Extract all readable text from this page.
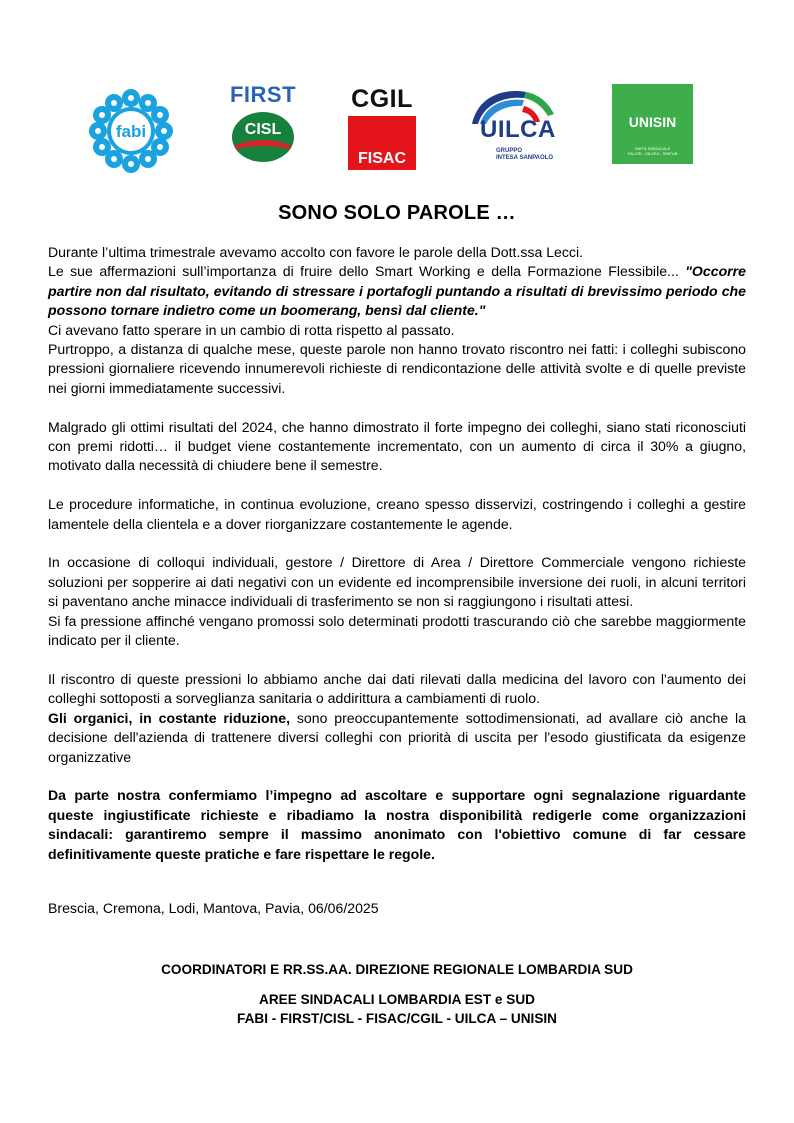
fabi
FIRST
CISL
CGIL
FISAC
UILCA
GRUPPO
INTESA SANPAOLO
UNISIN
UNITÀ SINDACALE
FALCRI - SILCEA - SINFUB
SONO SOLO PAROLE …

Durante l’ultima trimestrale avevamo accolto con favore le parole della Dott.ssa Lecci.

Le sue affermazioni sull’importanza di fruire dello Smart Working e della Formazione Flessibile... "Occorre partire non dal risultato, evitando di stressare i portafogli puntando a risultati di brevissimo periodo che possono tornare indietro come un boomerang, bensì dal cliente."

Ci avevano fatto sperare in un cambio di rotta rispetto al passato.

Purtroppo, a distanza di qualche mese, queste parole non hanno trovato riscontro nei fatti: i colleghi subiscono pressioni giornaliere ricevendo innumerevoli richieste di rendicontazione delle attività svolte e di quelle previste nei giorni immediatamente successivi.

Malgrado gli ottimi risultati del 2024, che hanno dimostrato il forte impegno dei colleghi, siano stati riconosciuti con premi ridotti… il budget viene costantemente incrementato, con un aumento di circa il 30% a giugno, motivato dalla necessità di chiudere bene il semestre.

Le procedure informatiche, in continua evoluzione, creano spesso disservizi, costringendo i colleghi a gestire lamentele della clientela e a dover riorganizzare costantemente le agende.

In occasione di colloqui individuali, gestore / Direttore di Area / Direttore Commerciale vengono richieste soluzioni per sopperire ai dati negativi con un evidente ed incomprensibile inversione dei ruoli, in alcuni territori si paventano anche minacce individuali di trasferimento se non si raggiungono i risultati attesi.

Si fa pressione affinché vengano promossi solo determinati prodotti trascurando ciò che sarebbe maggiormente indicato per il cliente.

Il riscontro di queste pressioni lo abbiamo anche dai dati rilevati dalla medicina del lavoro con l'aumento dei colleghi sottoposti a sorveglianza sanitaria o addirittura a cambiamenti di ruolo.

Gli organici, in costante riduzione, sono preoccupantemente sottodimensionati, ad avallare ciò anche la decisione dell'azienda di trattenere diversi colleghi con priorità di uscita per l'esodo giustificata da esigenze organizzative

Da parte nostra confermiamo l’impegno ad ascoltare e supportare ogni segnalazione riguardante queste ingiustificate richieste e ribadiamo la nostra disponibilità redigerle come organizzazioni sindacali: garantiremo sempre il massimo anonimato con l'obiettivo comune di far cessare definitivamente queste pratiche e fare rispettare le regole.

Brescia, Cremona, Lodi, Mantova, Pavia, 06/06/2025
COORDINATORI E RR.SS.AA. DIREZIONE REGIONALE LOMBARDIA SUD
AREE SINDACALI LOMBARDIA EST e SUD
FABI - FIRST/CISL - FISAC/CGIL - UILCA – UNISIN
